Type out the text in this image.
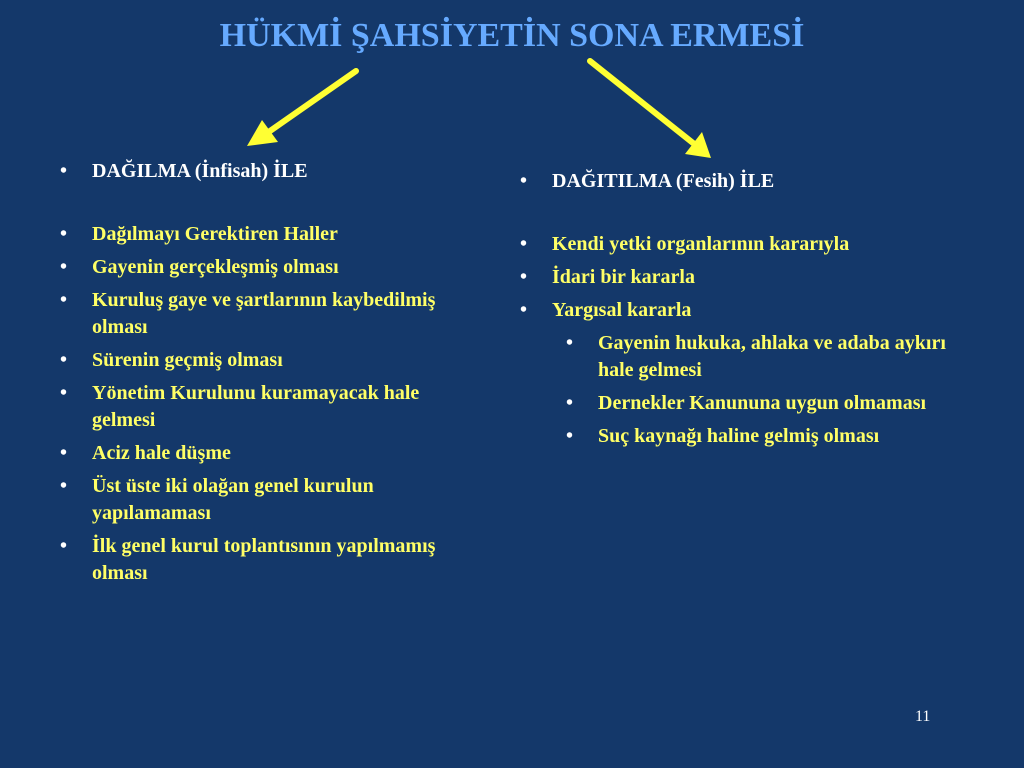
HÜKMİ ŞAHSİYETİN SONA ERMESİ
• DAĞILMA (İnfisah) İLE
• Dağılmayı Gerektiren Haller
• Gayenin gerçekleşmiş olması
• Kuruluş gaye ve şartlarının kaybedilmiş olması
• Sürenin geçmiş olması
• Yönetim Kurulunu kuramayacak hale gelmesi
• Aciz hale düşme
• Üst üste iki olağan genel kurulun yapılamaması
• İlk genel kurul toplantısının yapılmamış olması
• DAĞITILMA (Fesih) İLE
• Kendi yetki organlarının kararıyla
• İdari bir kararla
• Yargısal kararla
• Gayenin hukuka, ahlaka ve adaba aykırı hale gelmesi
• Dernekler Kanununa uygun olmaması
• Suç kaynağı haline gelmiş olması
11
